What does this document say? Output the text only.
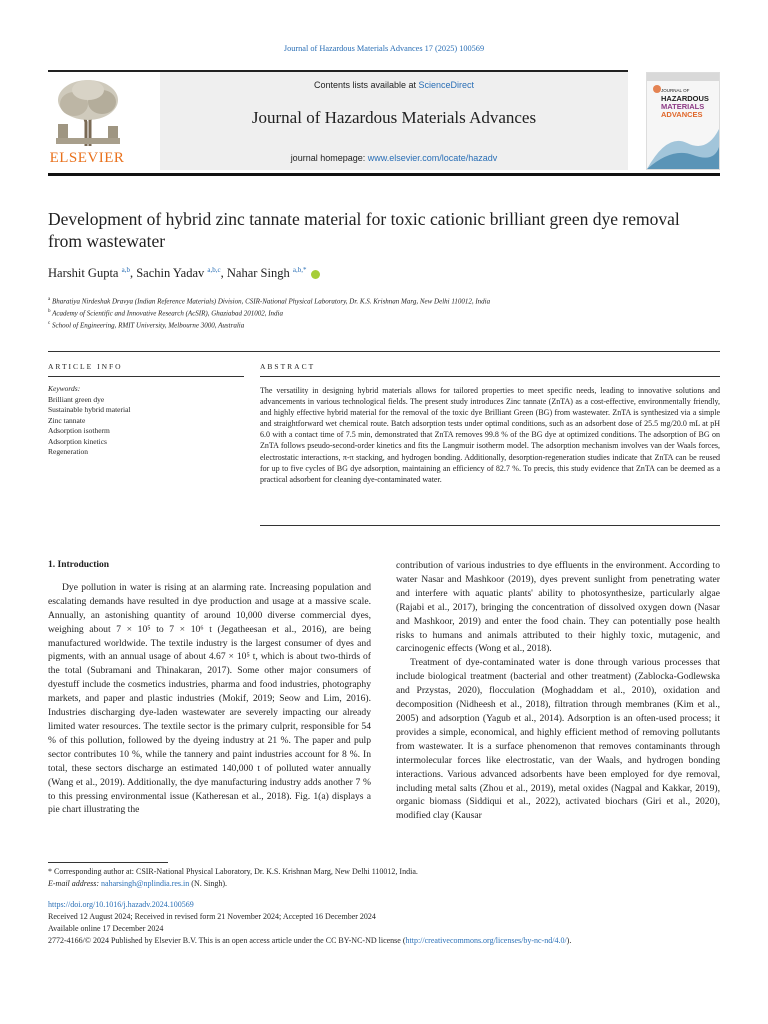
Journal of Hazardous Materials Advances 17 (2025) 100569
ELSEVIER
Contents lists available at ScienceDirect
Journal of Hazardous Materials Advances
journal homepage: www.elsevier.com/locate/hazadv
JOURNAL OF
HAZARDOUS
MATERIALS
ADVANCES
Development of hybrid zinc tannate material for toxic cationic brilliant green dye removal from wastewater
Harshit Gupta $^{a,b}$, Sachin Yadav $^{a,b,c}$, Nahar Singh $^{a,b,*}$
$^a$ Bharatiya Nirdeshak Dravya (Indian Reference Materials) Division, CSIR-National Physical Laboratory, Dr. K.S. Krishnan Marg, New Delhi 110012, India
$^b$ Academy of Scientific and Innovative Research (AcSIR), Ghaziabad 201002, India
$^c$ School of Engineering, RMIT University, Melbourne 3000, Australia
ARTICLE INFO	ABSTRACT
Keywords:
Brilliant green dye
Sustainable hybrid material
Zinc tannate
Adsorption isotherm
Adsorption kinetics
Regeneration
The versatility in designing hybrid materials allows for tailored properties to meet specific needs, leading to innovative solutions and advancements in various technological fields. The present study introduces Zinc tannate (ZnTA) as a cost-effective, environmentally friendly, and highly effective hybrid material for the removal of the toxic dye Brilliant Green (BG) from wastewater. ZnTA is synthesized via a simple and straightforward wet chemical route. Batch adsorption tests under optimal conditions, such as an adsorbent dose of 25.5 mg/20.0 mL at pH 6.0 with a contact time of 7.5 min, demonstrated that ZnTA removes 99.8 % of the BG dye at optimized conditions. The adsorption of BG on ZnTA follows pseudo-second-order kinetics and fits the Langmuir isotherm model. The adsorption mechanism involves van der Waals forces, electrostatic interactions, π-π stacking, and hydrogen bonding. Additionally, desorption-regeneration studies indicate that ZnTA can be reused for up to five cycles of BG dye adsorption, maintaining an efficiency of 82.7 %. To precis, this study evidence that ZnTA can be deemed as a practical adsorbent for cleaning dye-contaminated water.
1. Introduction

Dye pollution in water is rising at an alarming rate. Increasing population and escalating demands have resulted in dye production and usage at a massive scale. Annually, an astonishing quantity of around 10,000 diverse commercial dyes, weighing about 7 × 10⁵ to 7 × 10⁶ t (Jegatheesan et al., 2016), are being manufactured worldwide. The textile industry is the largest consumer of dyes and pigments, with an annual usage of about 4.67 × 10⁵ t, which is about two-thirds of the total (Subramani and Thinakaran, 2017). Some other major consumers of dyestuff include the cosmetics industries, pharma and food industries, photography markets, and paper and plastic industries (Mokif, 2019; Seow and Lim, 2016). Industries discharging dye-laden wastewater are severely impacting our already limited water resources. The textile sector is the primary culprit, responsible for 54 % of this pollution, followed by the dyeing industry at 21 %. The paper and pulp sector contributes 10 %, while the tannery and paint industries account for 8 %. In total, these sectors discharge an estimated 140,000 t of polluted water annually (Wang et al., 2019). Additionally, the dye manufacturing industry adds another 7 % to this pressing environmental issue (Katheresan et al., 2018). Fig. 1(a) displays a pie chart illustrating the

contribution of various industries to dye effluents in the environment. According to water Nasar and Mashkoor (2019), dyes prevent sunlight from penetrating water and interfere with aquatic plants' ability to photosynthesize, particularly algae (Rajabi et al., 2017), bringing the concentration of dissolved oxygen down (Nasar and Mashkoor, 2019) and enter the food chain. They can potentially pose health risks to humans and animals attributed to their highly toxic, mutagenic, and carcinogenic effects (Wong et al., 2018).

Treatment of dye-contaminated water is done through various processes that include biological treatment (bacterial and other treatment) (Zablocka-Godlewska and Przystas, 2020), flocculation (Moghaddam et al., 2010), oxidation and decomposition (Nidheesh et al., 2018), filtration through membranes (Kim et al., 2005) and adsorption (Yagub et al., 2014). Adsorption is an often-used process; it provides a simple, economical, and highly efficient method of removing pollutants from wastewater. It is a surface phenomenon that removes contaminants through intermolecular forces like electrostatic, van der Waals, and hydrogen bonding interactions. Various advanced adsorbents have been employed for dye removal, including metal salts (Zhou et al., 2019), metal oxides (Nagpal and Kakkar, 2019), organic biomass (Siddiqui et al., 2022), activated biochars (Giri et al., 2020), modified clay (Kausar

* Corresponding author at: CSIR-National Physical Laboratory, Dr. K.S. Krishnan Marg, New Delhi 110012, India.
E-mail address: naharsingh@nplindia.res.in (N. Singh).
https://doi.org/10.1016/j.hazadv.2024.100569
Received 12 August 2024; Received in revised form 21 November 2024; Accepted 16 December 2024
Available online 17 December 2024
2772-4166/© 2024 Published by Elsevier B.V. This is an open access article under the CC BY-NC-ND license (http://creativecommons.org/licenses/by-nc-nd/4.0/).
